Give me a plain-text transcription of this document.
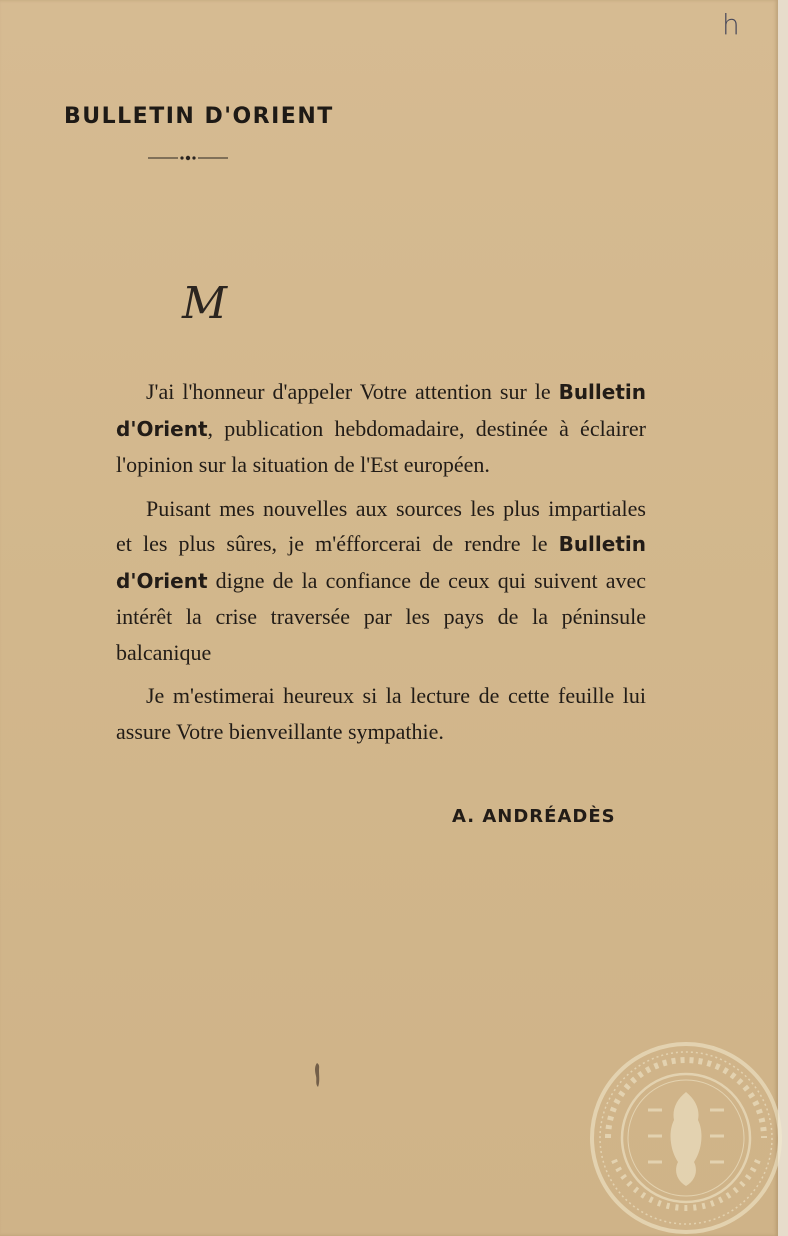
h
BULLETIN D'ORIENT
M

J'ai l'honneur d'appeler Votre attention sur le Bulletin d'Orient, publication hebdomadaire, destinée à éclairer l'opinion sur la situation de l'Est européen.

Puisant mes nouvelles aux sources les plus impartiales et les plus sûres, je m'éfforcerai de rendre le Bulletin d'Orient digne de la confiance de ceux qui suivent avec intérêt la crise traversée par les pays de la péninsule balcanique

Je m'estimerai heureux si la lecture de cette feuille lui assure Votre bienveillante sympathie.

A. ANDRÉADÈS
